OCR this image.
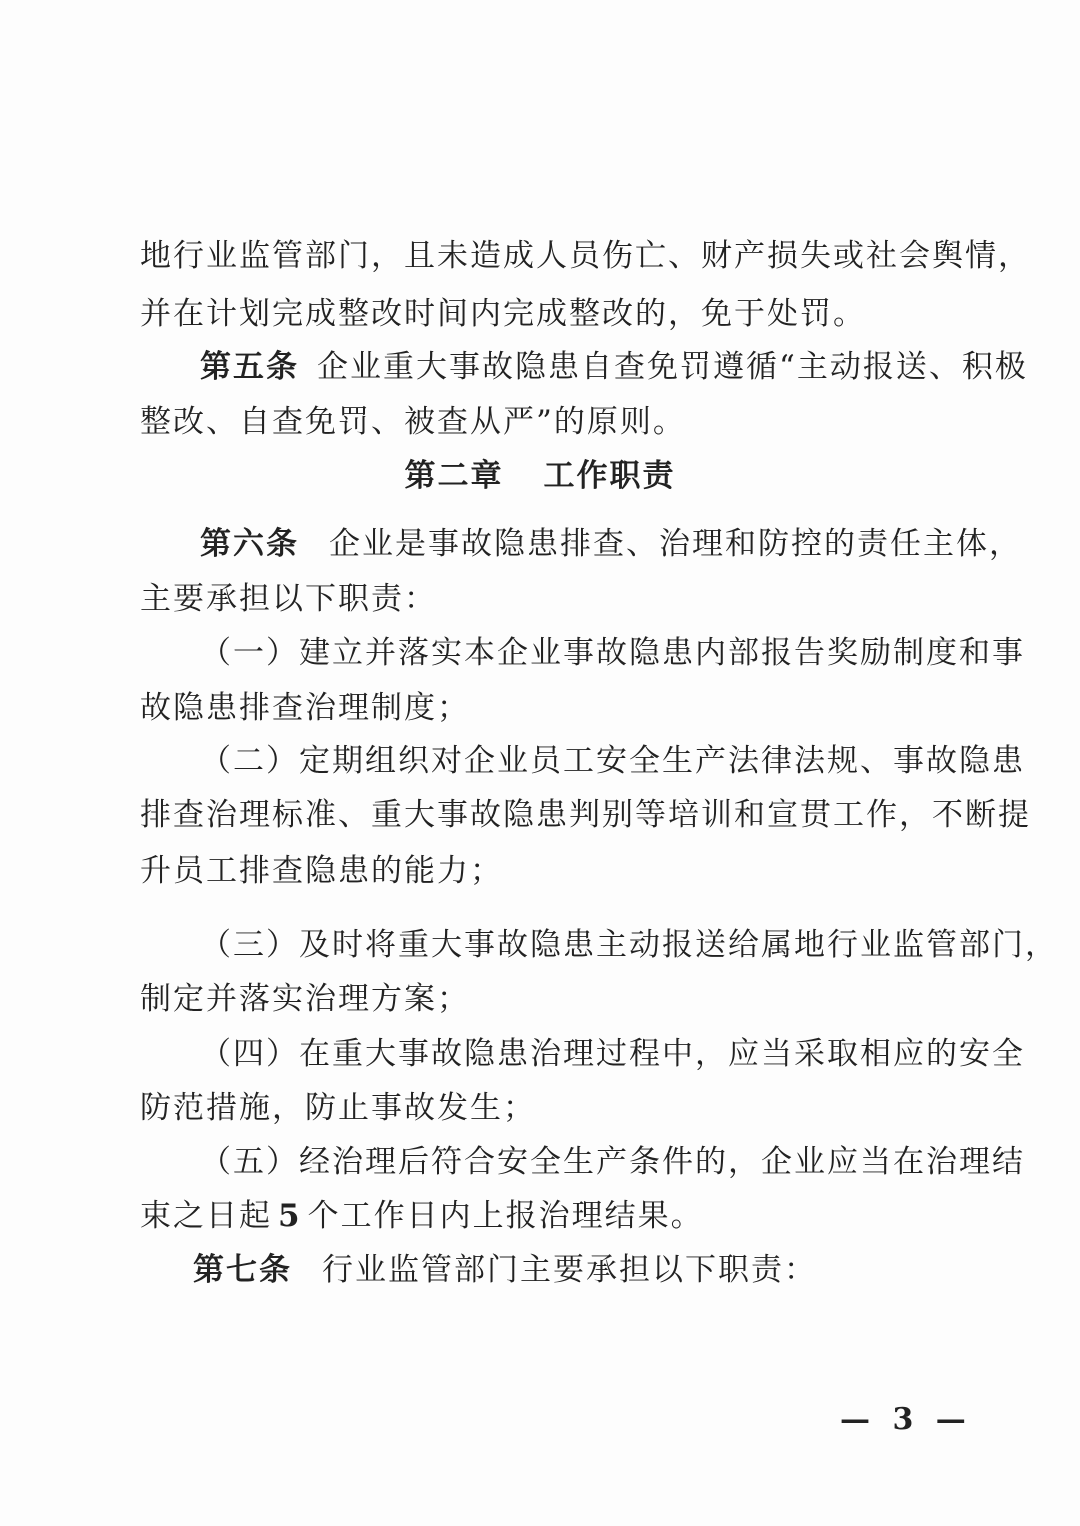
地行业监管部门，且未造成人员伤亡、财产损失或社会舆情，
并在计划完成整改时间内完成整改的，免于处罚。
第五条 企业重大事故隐患自查免罚遵循“主动报送、积极
整改、自查免罚、被查从严”的原则。
第二章 工作职责
第六条 企业是事故隐患排查、治理和防控的责任主体，
主要承担以下职责：
（一）建立并落实本企业事故隐患内部报告奖励制度和事
故隐患排查治理制度；
（二）定期组织对企业员工安全生产法律法规、事故隐患
排查治理标准、重大事故隐患判别等培训和宣贯工作，不断提
升员工排查隐患的能力；
（三）及时将重大事故隐患主动报送给属地行业监管部门，
制定并落实治理方案；
（四）在重大事故隐患治理过程中，应当采取相应的安全
防范措施，防止事故发生；
（五）经治理后符合安全生产条件的，企业应当在治理结
束之日起 5 个工作日内上报治理结果。
第七条 行业监管部门主要承担以下职责：
— 3 —
